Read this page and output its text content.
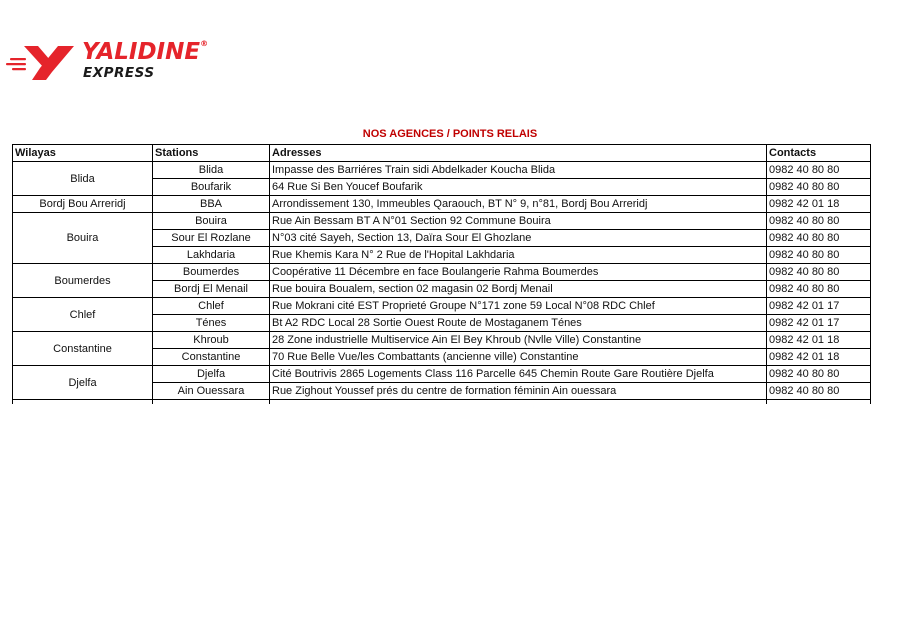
YALIDINE®
EXPRESS
NOS AGENCES / POINTS RELAIS
Wilayas	Stations	Adresses	Contacts
Blida	Blida	Impasse des Barriéres Train sidi Abdelkader Koucha Blida	0982 40 80 80
	Boufarik	64 Rue Si Ben Youcef Boufarik	0982 40 80 80
Bordj Bou Arreridj	BBA	Arrondissement 130, Immeubles Qaraouch, BT N° 9, n°81, Bordj Bou Arreridj	0982 42 01 18
Bouira	Bouira	Rue Ain Bessam BT A N°01 Section 92 Commune Bouira	0982 40 80 80
	Sour El Rozlane	N°03 cité Sayeh, Section 13, Daïra Sour El Ghozlane	0982 40 80 80
	Lakhdaria	Rue Khemis Kara N° 2 Rue de l'Hopital Lakhdaria	0982 40 80 80
Boumerdes	Boumerdes	Coopérative 11 Décembre en face Boulangerie Rahma Boumerdes	0982 40 80 80
	Bordj El Menail	Rue bouira Boualem, section 02 magasin 02 Bordj Menail	0982 40 80 80
Chlef	Chlef	Rue Mokrani cité EST Proprieté Groupe N°171 zone 59 Local N°08 RDC Chlef	0982 42 01 17
	Ténes	Bt A2 RDC Local 28 Sortie Ouest Route de Mostaganem Ténes	0982 42 01 17
Constantine	Khroub	28 Zone industrielle Multiservice Ain El Bey Khroub (Nvlle Ville) Constantine	0982 42 01 18
	Constantine	70 Rue Belle Vue/les Combattants (ancienne ville) Constantine	0982 42 01 18
Djelfa	Djelfa	Cité Boutrivis 2865 Logements Class 116 Parcelle 645 Chemin Route Gare Routière Djelfa	0982 40 80 80
	Ain Ouessara	Rue Zighout Youssef prés du centre de formation féminin Ain ouessara	0982 40 80 80
